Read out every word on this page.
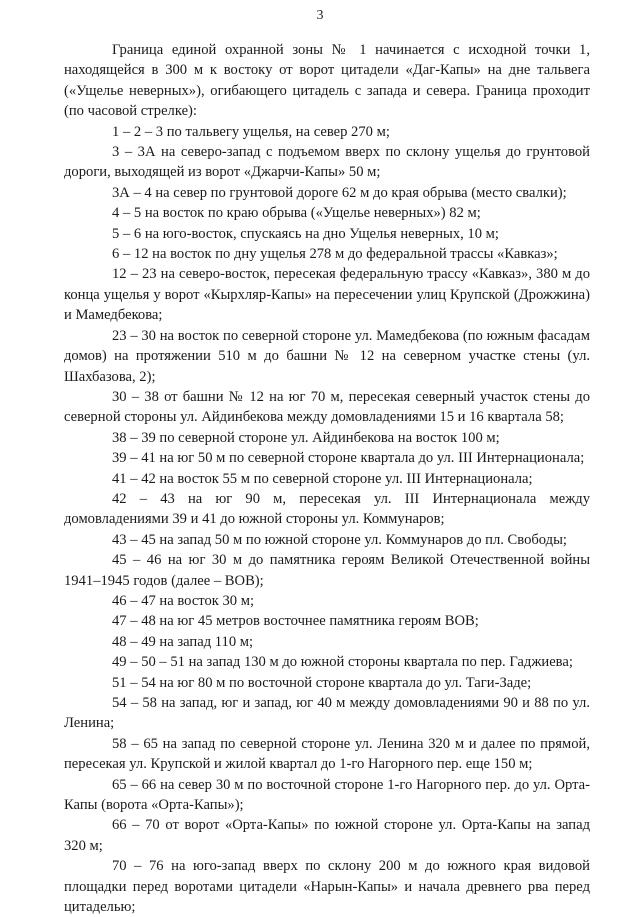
3

Граница единой охранной зоны № 1 начинается с исходной точки 1, находящейся в 300 м к востоку от ворот цитадели «Даг-Капы» на дне тальвега («Ущелье неверных»), огибающего цитадель с запада и севера. Граница проходит (по часовой стрелке):

1 – 2 – 3 по тальвегу ущелья, на север 270 м;

3 – 3А на северо-запад с подъемом вверх по склону ущелья до грунтовой дороги, выходящей из ворот «Джарчи-Капы» 50 м;

3А – 4 на север по грунтовой дороге 62 м до края обрыва (место свалки);

4 – 5 на восток по краю обрыва («Ущелье неверных») 82 м;

5 – 6 на юго-восток, спускаясь на дно Ущелья неверных, 10 м;

6 – 12 на восток по дну ущелья 278 м до федеральной трассы «Кавказ»;

12 – 23 на северо-восток, пересекая федеральную трассу «Кавказ», 380 м до конца ущелья у ворот «Кырхляр-Капы» на пересечении улиц Крупской (Дрожжина) и Мамедбекова;

23 – 30 на восток по северной стороне ул. Мамедбекова (по южным фасадам домов) на протяжении 510 м до башни № 12 на северном участке стены (ул. Шахбазова, 2);

30 – 38 от башни № 12 на юг 70 м, пересекая северный участок стены до северной стороны ул. Айдинбекова между домовладениями 15 и 16 квартала 58;

38 – 39 по северной стороне ул. Айдинбекова на восток 100 м;

39 – 41 на юг 50 м по северной стороне квартала до ул. III Интернационала;

41 – 42 на восток 55 м по северной стороне ул. III Интернационала;

42 – 43 на юг 90 м, пересекая ул. III Интернационала между домовладениями 39 и 41 до южной стороны ул. Коммунаров;

43 – 45 на запад 50 м по южной стороне ул. Коммунаров до пл. Свободы;

45 – 46 на юг 30 м до памятника героям Великой Отечественной войны 1941–1945 годов (далее – ВОВ);

46 – 47 на восток 30 м;

47 – 48 на юг 45 метров восточнее памятника героям ВОВ;

48 – 49 на запад 110 м;

49 – 50 – 51 на запад 130 м до южной стороны квартала по пер. Гаджиева;

51 – 54 на юг 80 м по восточной стороне квартала до ул. Таги-Заде;

54 – 58 на запад, юг и запад, юг 40 м между домовладениями 90 и 88 по ул. Ленина;

58 – 65 на запад по северной стороне ул. Ленина 320 м и далее по прямой, пересекая ул. Крупской и жилой квартал до 1-го Нагорного пер. еще 150 м;

65 – 66 на север 30 м по восточной стороне 1-го Нагорного пер. до ул. Орта-Капы (ворота «Орта-Капы»);

66 – 70 от ворот «Орта-Капы» по южной стороне ул. Орта-Капы на запад 320 м;

70 – 76 на юго-запад вверх по склону 200 м до южного края видовой площадки перед воротами цитадели «Нарын-Капы» и начала древнего рва перед цитаделью;
